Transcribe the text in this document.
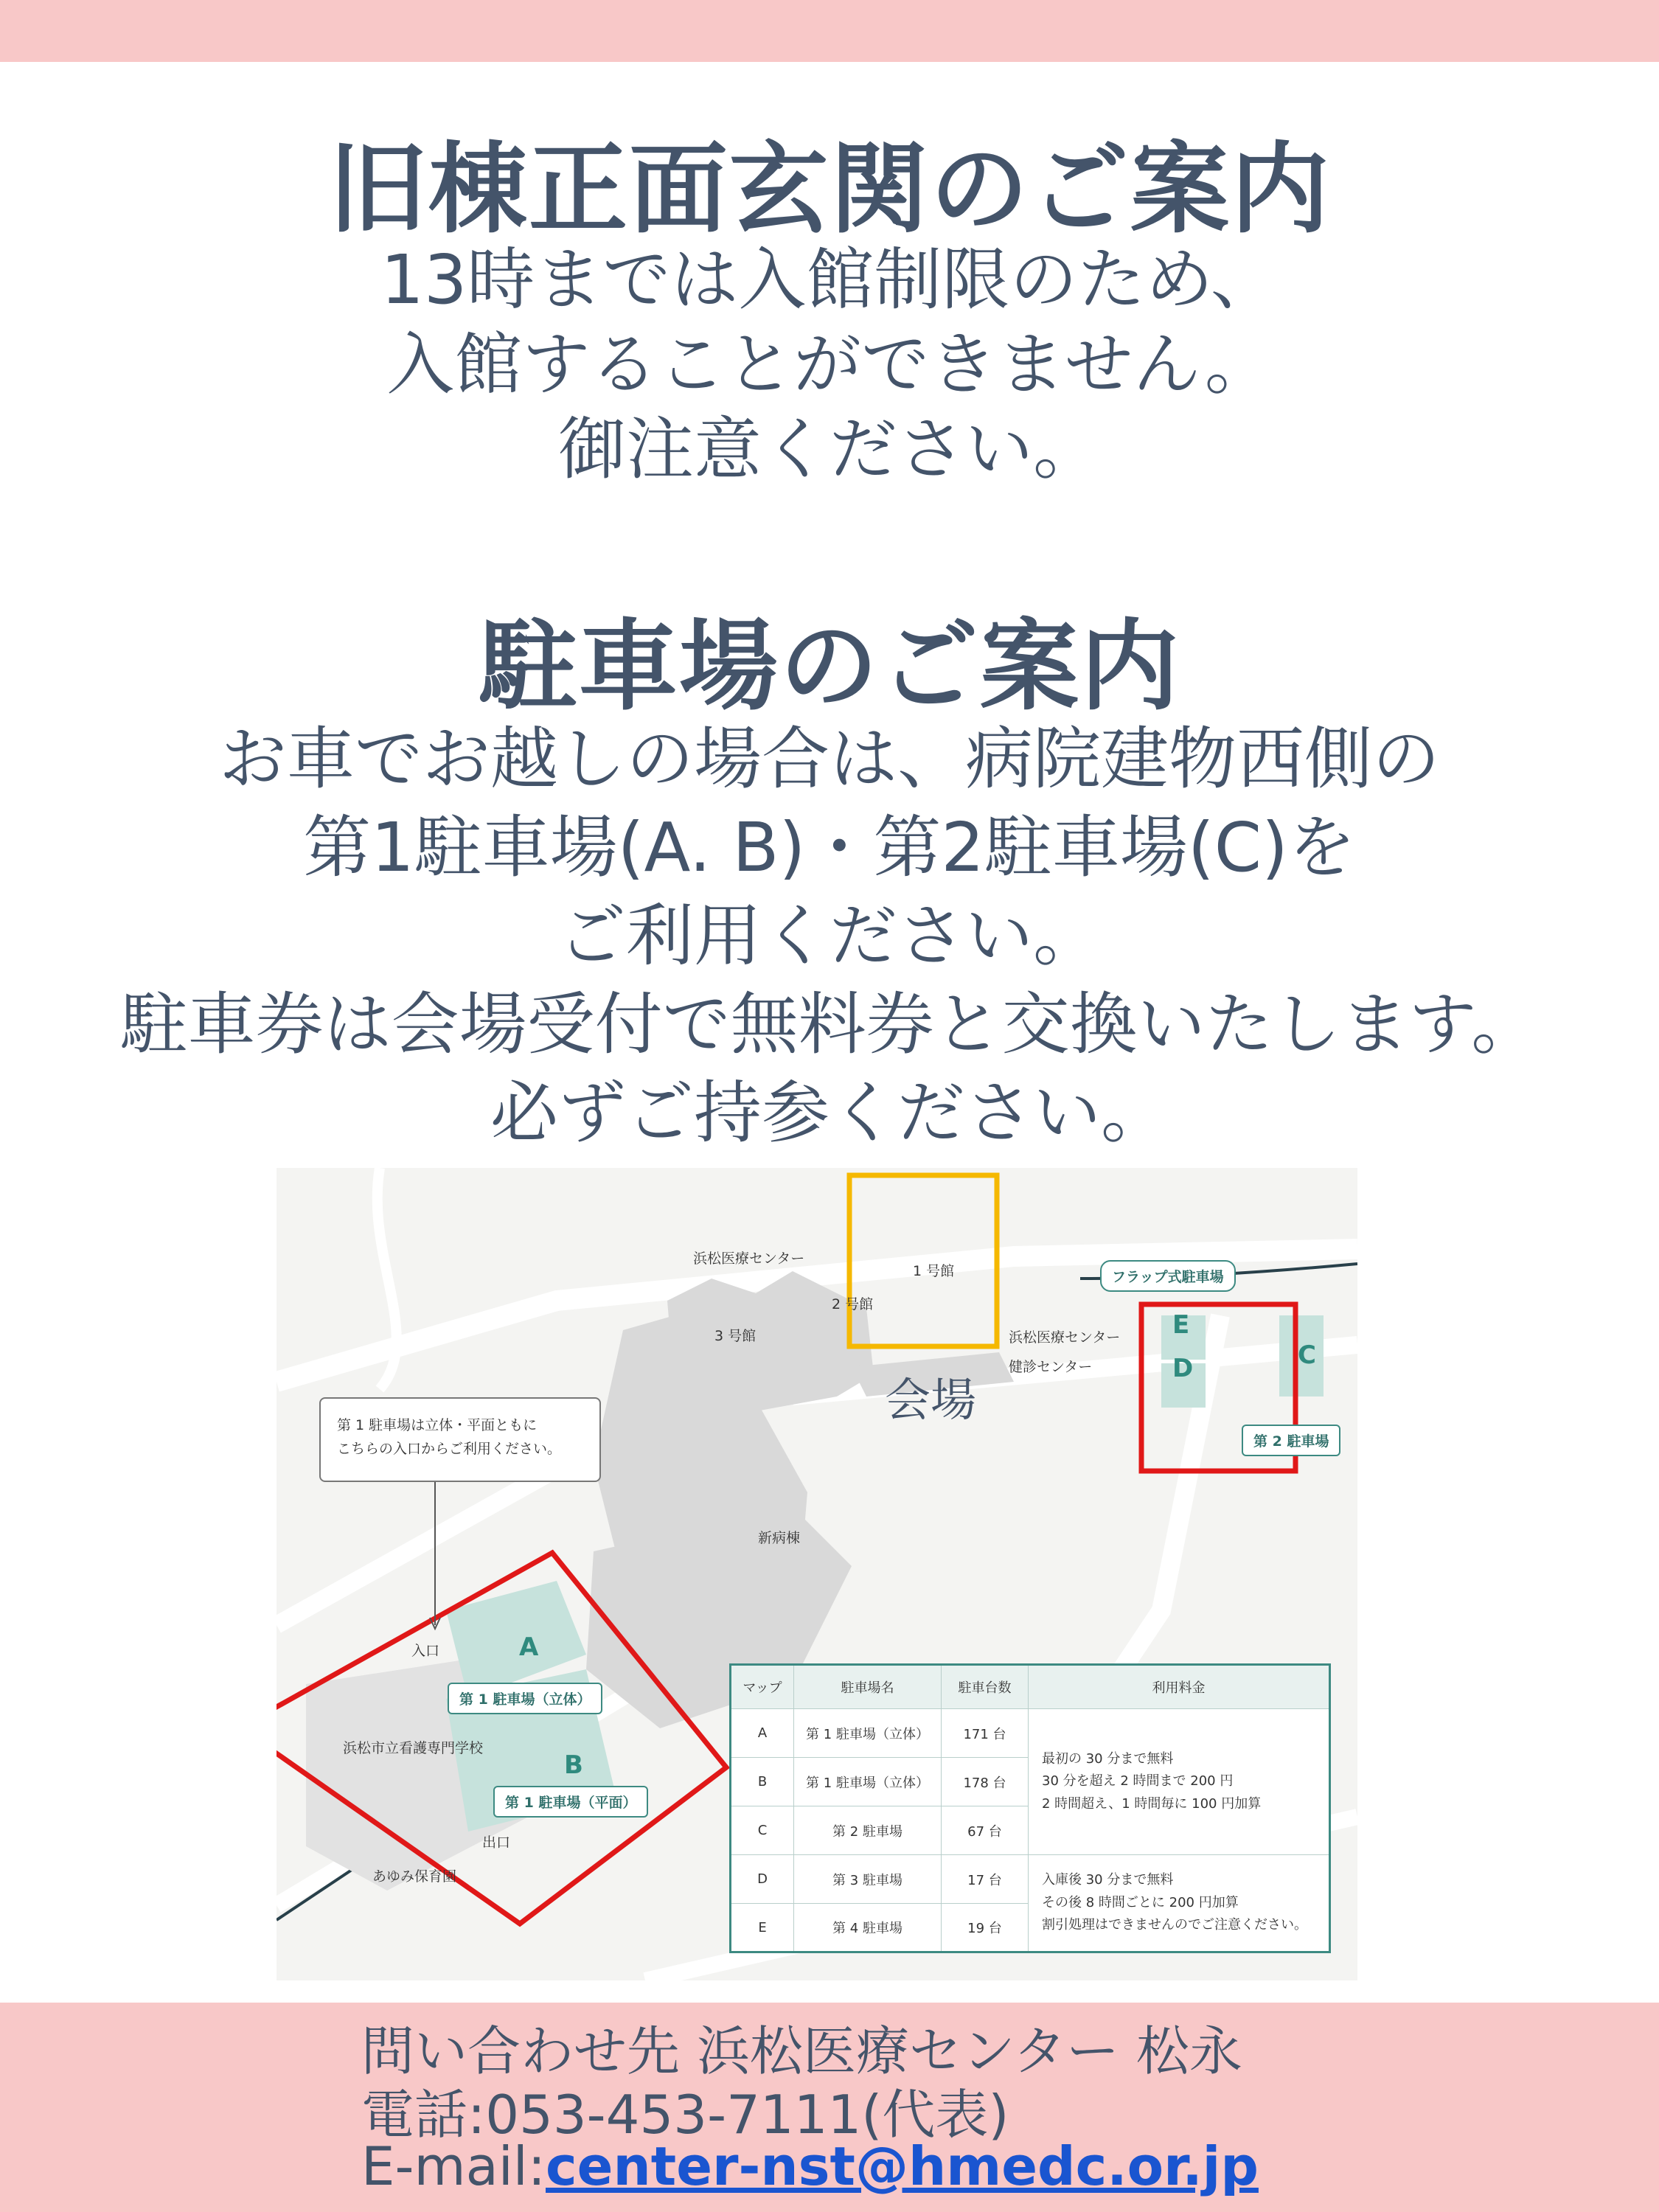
旧棟正面玄関のご案内
13時までは入館制限のため、
入館することができません。
御注意ください。
駐車場のご案内
お車でお越しの場合は、病院建物西側の
第1駐車場(A. B)・第2駐車場(C)を
ご利用ください。
駐車券は会場受付で無料券と交換いたします。
必ずご持参ください。
浜松医療センター
1 号館
2 号館
3 号館
フラップ式駐車場
浜松医療センター
健診センター
会場
新病棟
入口
出口
浜松市立看護専門学校
あゆみ保育園
A
B
C
D
E
第 1 駐車場（立体）
第 1 駐車場（平面）
第 2 駐車場
第 1 駐車場は立体・平面ともに
こちらの入口からご利用ください。
マップ	駐車場名	駐車台数	利用料金
A	第 1 駐車場（立体）	171 台	最初の 30 分まで無料
30 分を超え 2 時間まで 200 円
2 時間超え、1 時間毎に 100 円加算

B	第 1 駐車場（立体）	178 台	
C	第 2 駐車場	67 台	
D	第 3 駐車場	17 台	入庫後 30 分まで無料
その後 8 時間ごとに 200 円加算
割引処理はできませんのでご注意ください。

E	第 4 駐車場	19 台	
問い合わせ先 浜松医療センター 松永
電話:053-453-7111(代表)
E-mail:center-nst@hmedc.or.jp
